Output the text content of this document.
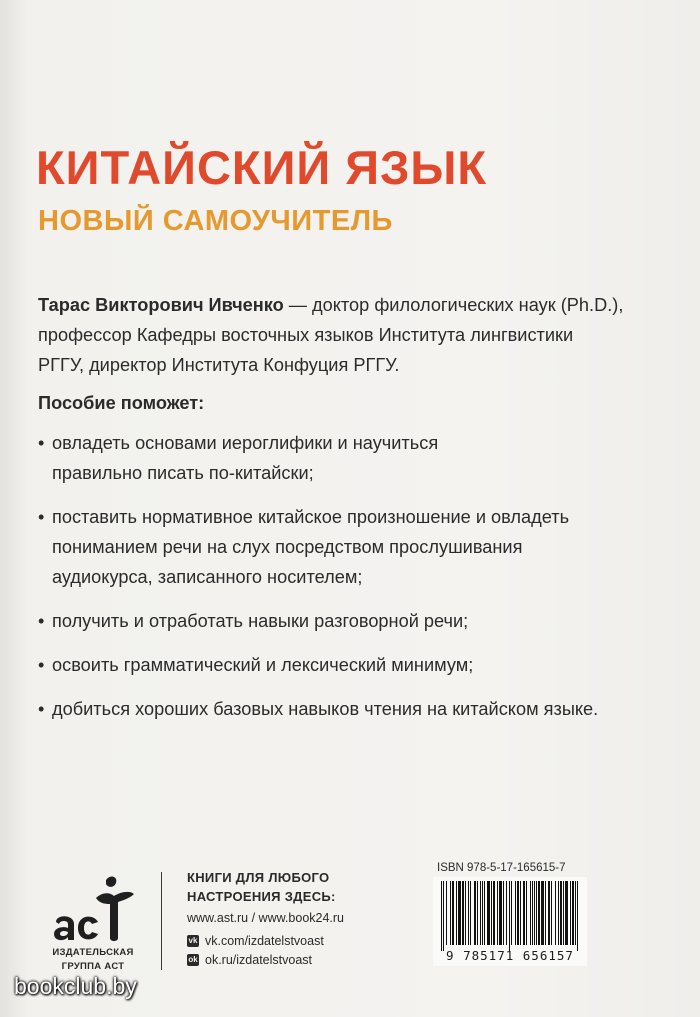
КИТАЙСКИЙ ЯЗЫК
НОВЫЙ САМОУЧИТЕЛЬ
Тарас Викторович Ивченко — доктор филологических наук (Ph.D.),
профессор Кафедры восточных языков Института лингвистики
РГГУ, директор Института Конфуция РГГУ.
Пособие поможет:
• овладеть основами иероглифики и научиться
правильно писать по-китайски;
• поставить нормативное китайское произношение и овладеть
пониманием речи на слух посредством прослушивания
аудиокурса, записанного носителем;
• получить и отработать навыки разговорной речи;
• освоить грамматический и лексический минимум;
• добиться хороших базовых навыков чтения на китайском языке.
ИЗДАТЕЛЬСКАЯ
ГРУППА АСТ
КНИГИ ДЛЯ ЛЮБОГО
НАСТРОЕНИЯ ЗДЕСЬ:
www.ast.ru / www.book24.ru
vk vk.com/izdatelstvoast
ok ok.ru/izdatelstvoast
ISBN 978-5-17-165615-7
9 785171 656157
bookclub.by
